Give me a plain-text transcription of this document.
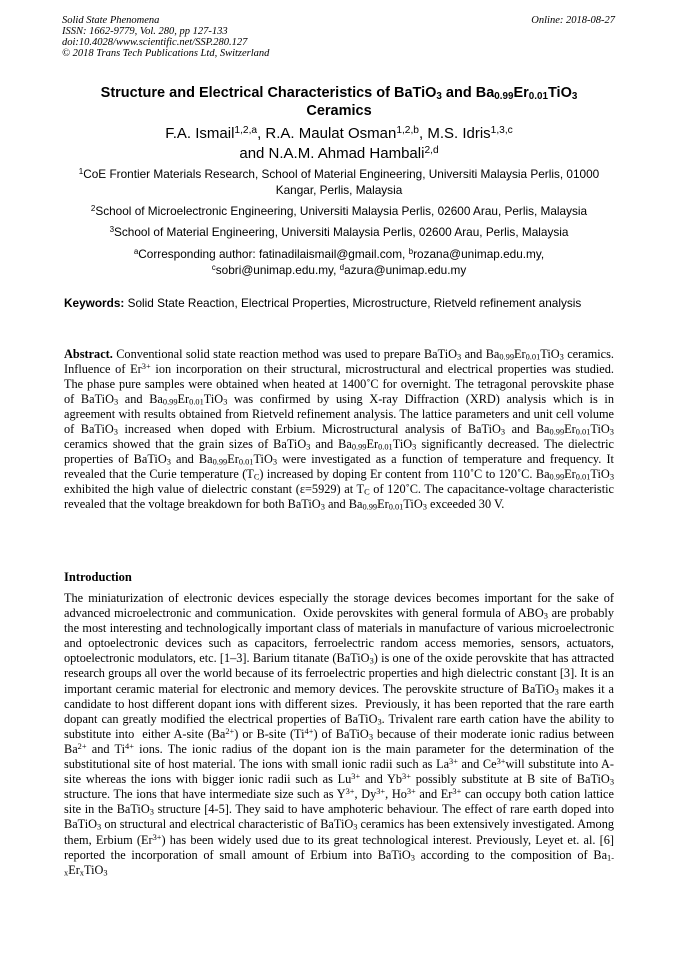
Solid State Phenomena	Online: 2018-08-27
ISSN: 1662-9779, Vol. 280, pp 127-133
doi:10.4028/www.scientific.net/SSP.280.127
© 2018 Trans Tech Publications Ltd, Switzerland
Structure and Electrical Characteristics of BaTiO$_3$ and $Ba_{0.99}Er_{0.01}TiO_3$
Ceramics
F.A. Ismail$^{1,2,a}$, R.A. Maulat Osman$^{1,2,b}$, M.S. Idris$^{1,3,c}$
and N.A.M. Ahmad Hambali$^{2,d}$
$^1$CoE Frontier Materials Research, School of Material Engineering, Universiti Malaysia Perlis, 01000 Kangar, Perlis, Malaysia
$^2$School of Microelectronic Engineering, Universiti Malaysia Perlis, 02600 Arau, Perlis, Malaysia
$^3$School of Material Engineering, Universiti Malaysia Perlis, 02600 Arau, Perlis, Malaysia
$^a$Corresponding author: fatinadilaismail@gmail.com, $^b$rozana@unimap.edu.my,
$^c$sobri@unimap.edu.my, $^d$azura@unimap.edu.my
Keywords: Solid State Reaction, Electrical Properties, Microstructure, Rietveld refinement analysis
Abstract. Conventional solid state reaction method was used to prepare BaTiO$_3$ and $Ba_{0.99}Er_{0.01}TiO_3$ ceramics. Influence of $Er^{3+}$ ion incorporation on their structural, microstructural and electrical properties was studied. The phase pure samples were obtained when heated at 1400˚C for overnight. The tetragonal perovskite phase of BaTiO$_3$ and $Ba_{0.99}Er_{0.01}TiO_3$ was confirmed by using X-ray Diffraction (XRD) analysis which is in agreement with results obtained from Rietveld refinement analysis. The lattice parameters and unit cell volume of BaTiO$_3$ increased when doped with Erbium. Microstructural analysis of BaTiO$_3$ and $Ba_{0.99}Er_{0.01}TiO_3$ ceramics showed that the grain sizes of BaTiO$_3$ and $Ba_{0.99}Er_{0.01}TiO_3$ significantly decreased. The dielectric properties of BaTiO$_3$ and $Ba_{0.99}Er_{0.01}TiO_3$ were investigated as a function of temperature and frequency. It revealed that the Curie temperature $(T_C)$ increased by doping Er content from 110˚C to 120˚C. $Ba_{0.99}Er_{0.01}TiO_3$ exhibited the high value of dielectric constant (ε=5929) at $T_C$ of 120˚C. The capacitance-voltage characteristic revealed that the voltage breakdown for both BaTiO$_3$ and $Ba_{0.99}Er_{0.01}TiO_3$ exceeded 30 V.
Introduction
The miniaturization of electronic devices especially the storage devices becomes important for the sake of advanced microelectronic and communication.  Oxide perovskites with general formula of $ABO_3$ are probably the most interesting and technologically important class of materials in manufacture of various microelectronic and optoelectronic devices such as capacitors, ferroelectric random access memories, sensors, actuators, optoelectronic modulators, etc. [1–3]. Barium titanate (BaTiO$_3$) is one of the oxide perovskite that has attracted research groups all over the world because of its ferroelectric properties and high dielectric constant [3]. It is an important ceramic material for electronic and memory devices. The perovskite structure of BaTiO$_3$ makes it a candidate to host different dopant ions with different sizes.  Previously, it has been reported that the rare earth dopant can greatly modified the electrical properties of BaTiO$_3$. Trivalent rare earth cation have the ability to substitute into  either A-site $(Ba^{2+})$ or B-site $(Ti^{4+})$ of BaTiO$_3$ because of their moderate ionic radius between $Ba^{2+}$ and $Ti^{4+}$ ions. The ionic radius of the dopant ion is the main parameter for the determination of the substitutional site of host material. The ions with small ionic radii such as $La^{3+}$ and $Ce^{3+}will$ substitute into A- site whereas the ions with bigger ionic radii such as $Lu^{3+}$ and $Yb^{3+}$ possibly substitute at B site of BaTiO$_3$ structure. The ions that have intermediate size such as $Y^{3+}$, $Dy^{3+}$, $Ho^{3+}$ and $Er^{3+}$ can occupy both cation lattice site in the BaTiO$_3$ structure [4-5]. They said to have amphoteric behaviour. The effect of rare earth doped into BaTiO$_3$ on structural and electrical characteristic of BaTiO$_3$ ceramics has been extensively investigated. Among them, Erbium $(Er^{3+})$ has been widely used due to its great technological interest. Previously, Leyet et. al. [6] reported the incorporation of small amount of Erbium into BaTiO$_3$ according to the composition of $Ba_{1-x}Er_xTiO_3$
